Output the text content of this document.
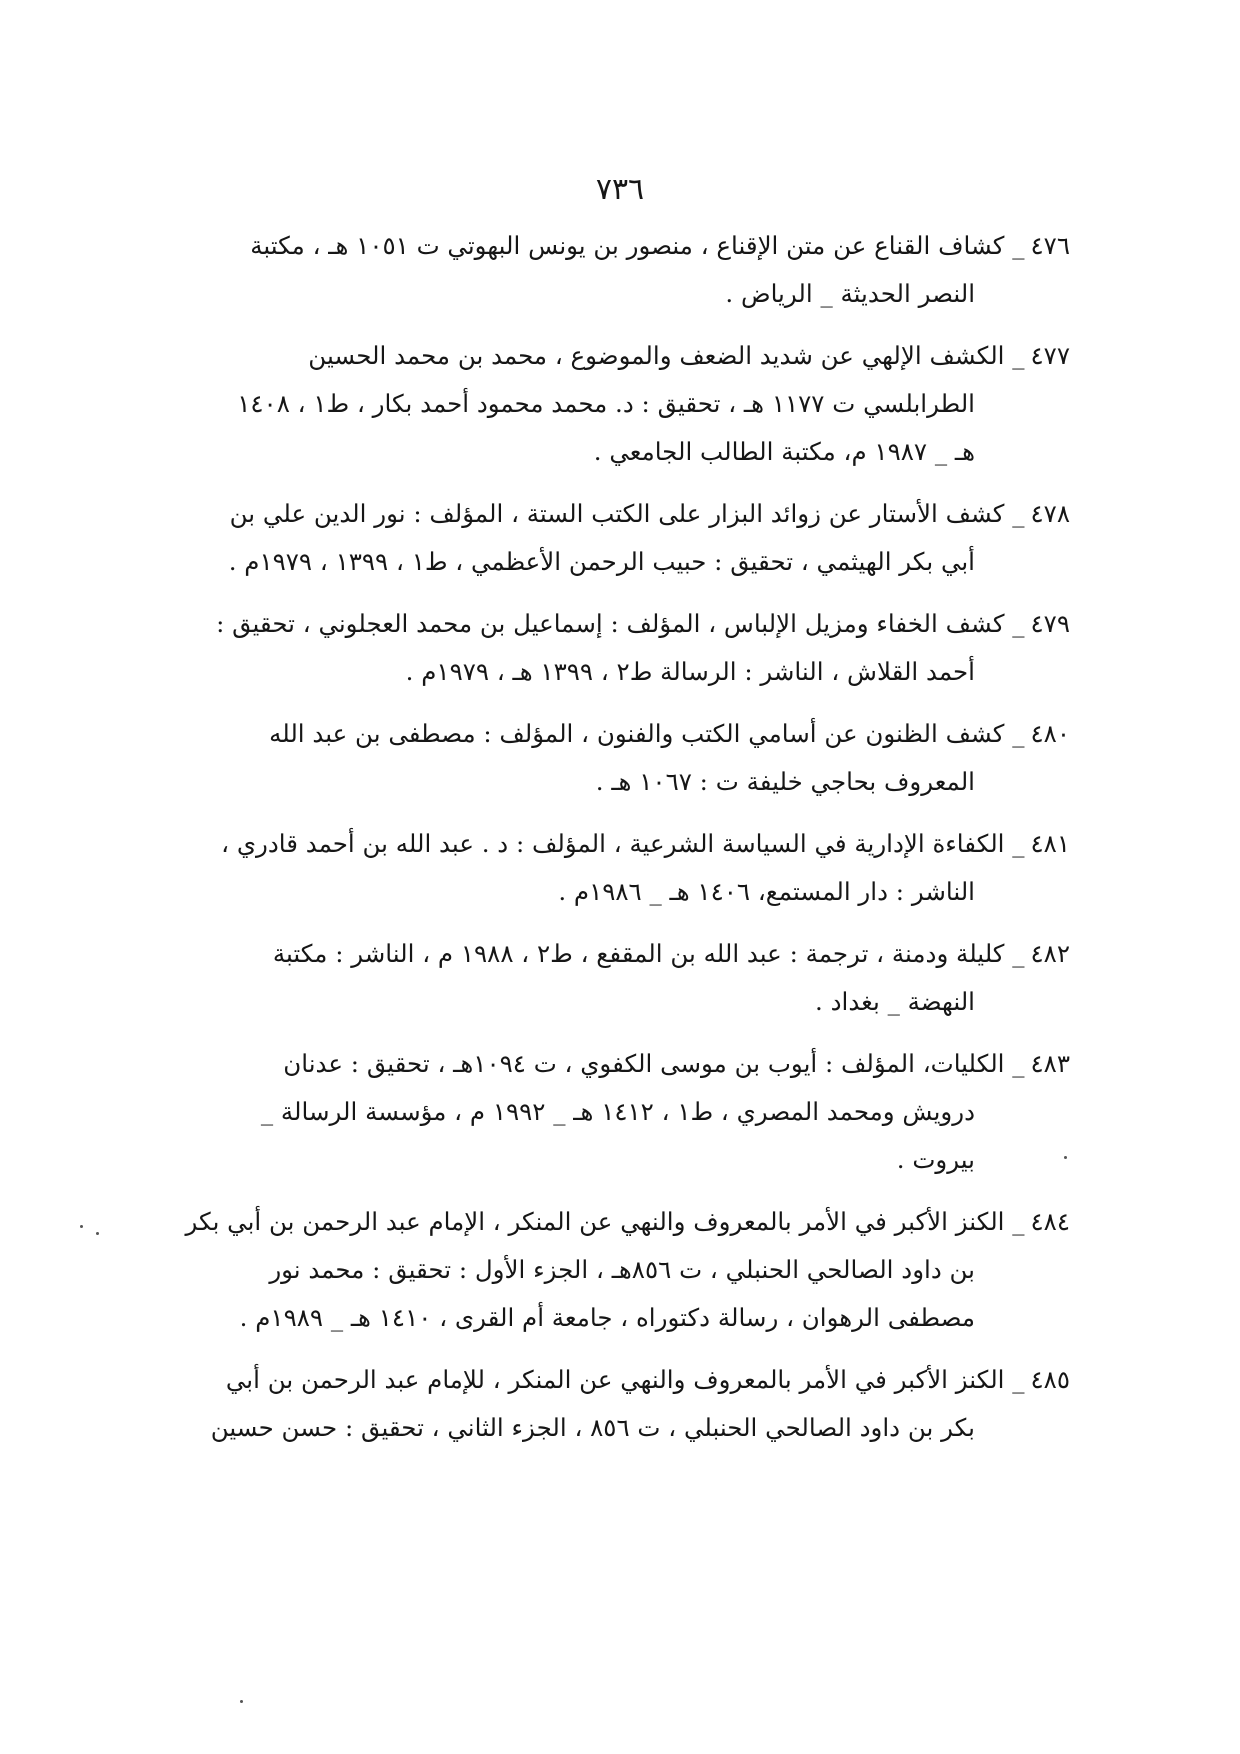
٧٣٦
٤٧٦_ كشاف القناع عن متن الإقناع ، منصور بن يونس البهوتي ت ١٠٥١ هـ ، مكتبة
النصر الحديثة _ الرياض .
٤٧٧_ الكشف الإلهي عن شديد الضعف والموضوع ، محمد بن محمد الحسين
الطرابلسي ت ١١٧٧ هـ ، تحقيق : د. محمد محمود أحمد بكار ، ط١ ، ١٤٠٨
هـ _ ١٩٨٧ م، مكتبة الطالب الجامعي .
٤٧٨_ كشف الأستار عن زوائد البزار على الكتب الستة ، المؤلف : نور الدين علي بن
أبي بكر الهيثمي ، تحقيق : حبيب الرحمن الأعظمي ، ط١ ، ١٣٩٩ ، ١٩٧٩م .
٤٧٩_ كشف الخفاء ومزيل الإلباس ، المؤلف : إسماعيل بن محمد العجلوني ، تحقيق :
أحمد القلاش ، الناشر : الرسالة ط٢ ، ١٣٩٩ هـ ، ١٩٧٩م .
٤٨٠_ كشف الظنون عن أسامي الكتب والفنون ، المؤلف : مصطفى بن عبد الله
المعروف بحاجي خليفة ت : ١٠٦٧ هـ .
٤٨١_ الكفاءة الإدارية في السياسة الشرعية ، المؤلف : د . عبد الله بن أحمد قادري ،
الناشر : دار المستمع، ١٤٠٦ هـ _ ١٩٨٦م .
٤٨٢_ كليلة ودمنة ، ترجمة : عبد الله بن المقفع ، ط٢ ، ١٩٨٨ م ، الناشر : مكتبة
النهضة _ بغداد .
٤٨٣_ الكليات، المؤلف : أيوب بن موسى الكفوي ، ت ١٠٩٤هـ ، تحقيق : عدنان
درويش ومحمد المصري ، ط١ ، ١٤١٢ هـ _ ١٩٩٢ م ، مؤسسة الرسالة _
بيروت .
٤٨٤_ الكنز الأكبر في الأمر بالمعروف والنهي عن المنكر ، الإمام عبد الرحمن بن أبي بكر
بن داود الصالحي الحنبلي ، ت ٨٥٦هـ ، الجزء الأول : تحقيق : محمد نور
مصطفى الرهوان ، رسالة دكتوراه ، جامعة أم القرى ، ١٤١٠ هـ _ ١٩٨٩م .
٤٨٥_ الكنز الأكبر في الأمر بالمعروف والنهي عن المنكر ، للإمام عبد الرحمن بن أبي
بكر بن داود الصالحي الحنبلي ، ت ٨٥٦ ، الجزء الثاني ، تحقيق : حسن حسين
